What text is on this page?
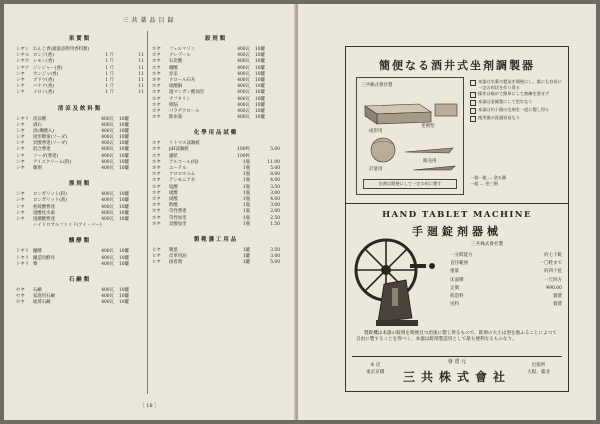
三共薬品目録
果實類
シヤシ れんじ香(適量添附用香料類)
シヤル ロンジ(香)	1 斤	11
シヤカ レモン(香)	1 斤	11
シヤナ ジンジャー(香)	1 斤	11
シヤ	カンジャ(香)	1 斤	11
シヤ	ブドウ(香)	1 斤	11
シヤ	バナナ(香)	1 斤	11
シヤ	メロン(香)	1 斤	11
清涼及飲料類
シヤリ 清涼酸	400瓦	10罐
シヤ	酒石	400瓦	10罐
シヤ	清(燐酸入)	400瓦	10罐
シヤ	固形糖蜜(ソーダ)	400瓦	10罐
シヤ	炭酸曹達(ソーダ)	400瓦	10罐
シヤ	混合曹達	400瓦	10罐
シヤ	ソーダ(曹達)	400瓦	10罐
シヤ	アイスクリーム(粉)	400瓦	10罐
シヤ	蘭剤	400瓦	10罐
漂剤類
シヤ	ロンガリット(粉)	400瓦	10罐
シヤ	ロンガリット(液)	400瓦	10罐
シヤ	亜硫酸曹達	400瓦	10罐
シヤ	過酸化水素	400瓦	10罐
シヤ	過硼酸曹達	400瓦	10罐
ハイドロサルファイド(アイ・バー)
醸酵類
トヤリ 醸酵	400瓦	10罐
トヤリ 醸造用酵母	400瓦	10罐
トヤリ 麹	400瓦	10罐
石鹸類
セヤ	石鹸	400瓦	10罐
セヤ	家庭用石鹸	400瓦	10罐
セヤ	硫黄石鹸	400瓦	10罐
殺剤類
ホヤ	フェルマリン	400瓦	10罐
ホヤ	クレゾール	400瓦	10罐
ホヤ	石炭酸	400瓦	10罐
ホヤ	硼酸	400瓦	10罐
ホヤ	昇汞	400瓦	10罐
ホヤ	クロール石灰	400瓦	10罐
ホヤ	硫酸銅	400瓦	10罐
ホヤ	過マンガン酸加里	400瓦	10罐
ホヤ	ナフタリン	400瓦	10罐
ホヤ	樟脳	400瓦	10罐
ホヤ	パラヂクロール	400瓦	10罐
ホヤ	除虫菊	400瓦	10罐
化學用品試藥
ホヤ	リトマス試験紙
ホヤ	pH試験紙	100枚	5.00
ホヤ	濾紙	100枚
ホヤ	アルコール(純)	1瓶	11.00
ホヤ	エーテル	1瓶	5.00
ホヤ	クロロホルム	1瓶	8.00
ホヤ	アンモニア水	1瓶	4.00
ホヤ	塩酸	1瓶	3.50
ホヤ	硫酸	1瓶	3.00
ホヤ	硝酸	1瓶	4.00
ホヤ	酢酸	1瓶	3.00
ホヤ	苛性曹達	1瓶	2.00
ホヤ	苛性加里	1瓶	2.50
ホヤ	炭酸加里	1瓶	1.50
製靴護工用品
ヒヤ	靴墨	1罐	3.50
ヒヤ	皮革用油	1罐	3.00
ヒヤ	接着剤	1罐	5.00
［ 18 ］
簡便なる酒井式坐剤調製器
三共株式會社製
坐剤型
成形用
販売用
計量用
坐剤は簡便にして一定の形に製す
本器は坐薬の製造を簡便にし、誰にも容易に一定の形状を作り得る
操作は極めて簡単にして熟練を要せず
本器は金属製にして堅牢なり
本器は約十個の坐剤を一度に製し得る
使用後の洗滌容易なり
一個一組 … 金五圓
一組 … 金三圓
HAND TABLET MACHINE
手廻錠剤器械
三共株式會社製
一分間能力	約七十錠
直径範囲	一〇粍まで
重量	約四十瓩
床面積	一尺四方
定價	¥90.00
荷造料	實費
送料	實費
製錠機は本器の錠剤を簡便且つ迅速に製し得るもので、錠剤の大小は型を換ふることによつて自由に製することを得べく、本器は錠剤製造用として最も便利なるものなり。
本 店
東京京橋
發 賣 元
三共株式會社
出張所
大阪、臺北
